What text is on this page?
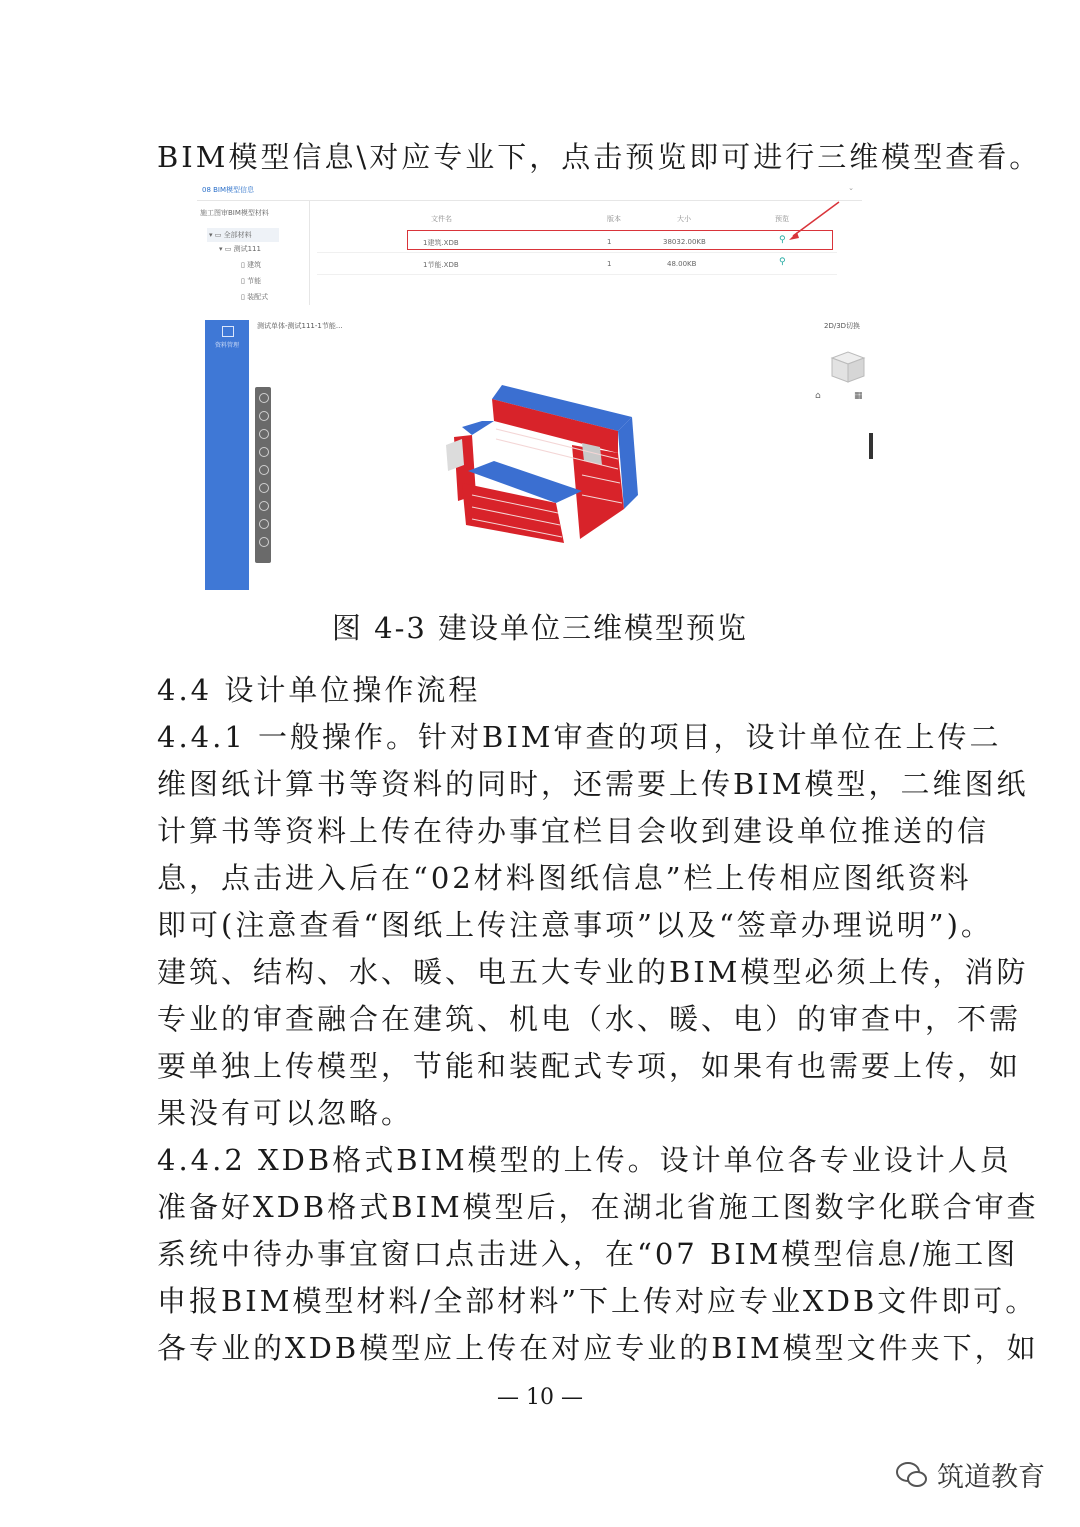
BIM模型信息\对应专业下，点击预览即可进行三维模型查看。
08 BIM模型信息	⌄
施工图审BIM模型材料
▾ ▭ 全部材料
▾ ▭ 测试111
▯ 建筑
▯ 节能
▯ 装配式
文件名	版本	大小	预览
1建筑.XDB	1	38032.00KB	⚲
1节能.XDB	1	48.00KB	⚲
资料管理
测试单体-测试111-1节能...	2D/3D切换
⌂	▦
图 4-3 建设单位三维模型预览
4.4 设计单位操作流程
4.4.1 一般操作。针对BIM审查的项目，设计单位在上传二
维图纸计算书等资料的同时，还需要上传BIM模型，二维图纸
计算书等资料上传在待办事宜栏目会收到建设单位推送的信
息，点击进入后在“02材料图纸信息”栏上传相应图纸资料
即可(注意查看“图纸上传注意事项”以及“签章办理说明”)。
建筑、结构、水、暖、电五大专业的BIM模型必须上传，消防
专业的审查融合在建筑、机电（水、暖、电）的审查中，不需
要单独上传模型，节能和装配式专项，如果有也需要上传，如
果没有可以忽略。
4.4.2 XDB格式BIM模型的上传。设计单位各专业设计人员
准备好XDB格式BIM模型后，在湖北省施工图数字化联合审查
系统中待办事宜窗口点击进入，在“07 BIM模型信息/施工图
申报BIM模型材料/全部材料”下上传对应专业XDB文件即可。
各专业的XDB模型应上传在对应专业的BIM模型文件夹下，如
— 10 —
筑道教育
